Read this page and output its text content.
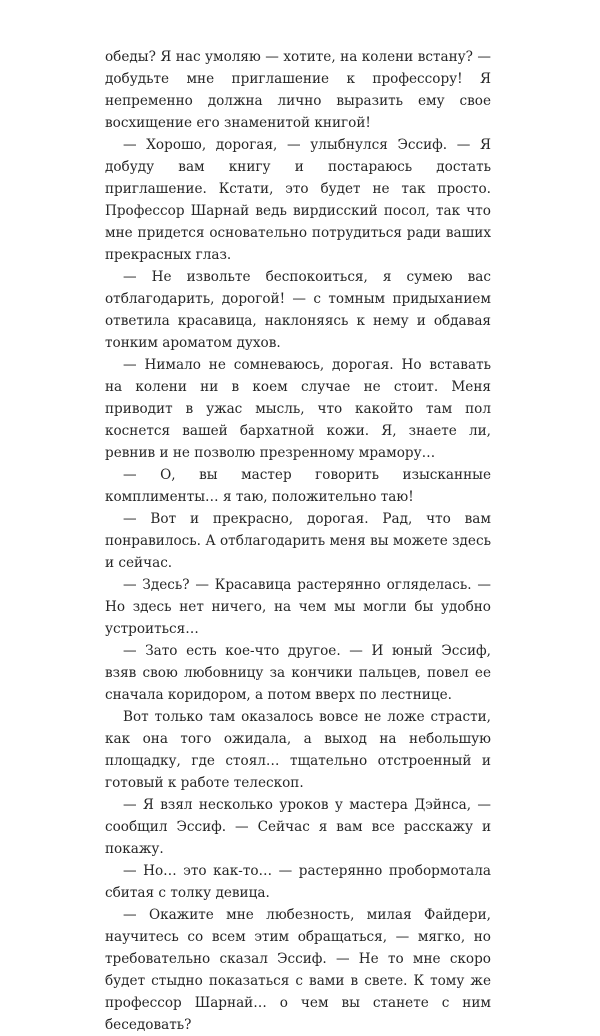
обеды? Я нас умоляю — хотите, на колени встану? — добудьте мне приглашение к профессору! Я непременно должна лично выразить ему свое восхищение его знаменитой книгой!

— Хорошо, дорогая, — улыбнулся Эссиф. — Я добуду вам книгу и постараюсь достать приглашение. Кстати, это будет не так просто. Профессор Шарнай ведь вирдисский посол, так что мне придется основательно потрудиться ради ваших прекрасных глаз.

— Не извольте беспокоиться, я сумею вас отблагодарить, дорогой! — с томным придыханием ответила красавица, наклоняясь к нему и обдавая тонким ароматом духов.

— Нимало не сомневаюсь, дорогая. Но вставать на колени ни в коем случае не стоит. Меня приводит в ужас мысль, что какойто там пол коснется вашей бархатной кожи. Я, знаете ли, ревнив и не позволю презренному мрамору…

— О, вы мастер говорить изысканные комплименты… я таю, положительно таю!

— Вот и прекрасно, дорогая. Рад, что вам понравилось. А отблагодарить меня вы можете здесь и сейчас.

— Здесь? — Красавица растерянно огляделась. — Но здесь нет ничего, на чем мы могли бы удобно устроиться…

— Зато есть кое-что другое. — И юный Эссиф, взяв свою любовницу за кончики пальцев, повел ее сначала коридором, а потом вверх по лестнице.

Вот только там оказалось вовсе не ложе страсти, как она того ожидала, а выход на небольшую площадку, где стоял… тщательно отстроенный и готовый к работе телескоп.

— Я взял несколько уроков у мастера Дэйнса, — сообщил Эссиф. — Сейчас я вам все расскажу и покажу.

— Но… это как-то… — растерянно пробормотала сбитая с толку девица.

— Окажите мне любезность, милая Файдери, научитесь со всем этим обращаться, — мягко, но требовательно сказал Эссиф. — Не то мне скоро будет стыдно показаться с вами в свете. К тому же профессор Шарнай… о чем вы станете с ним беседовать?
